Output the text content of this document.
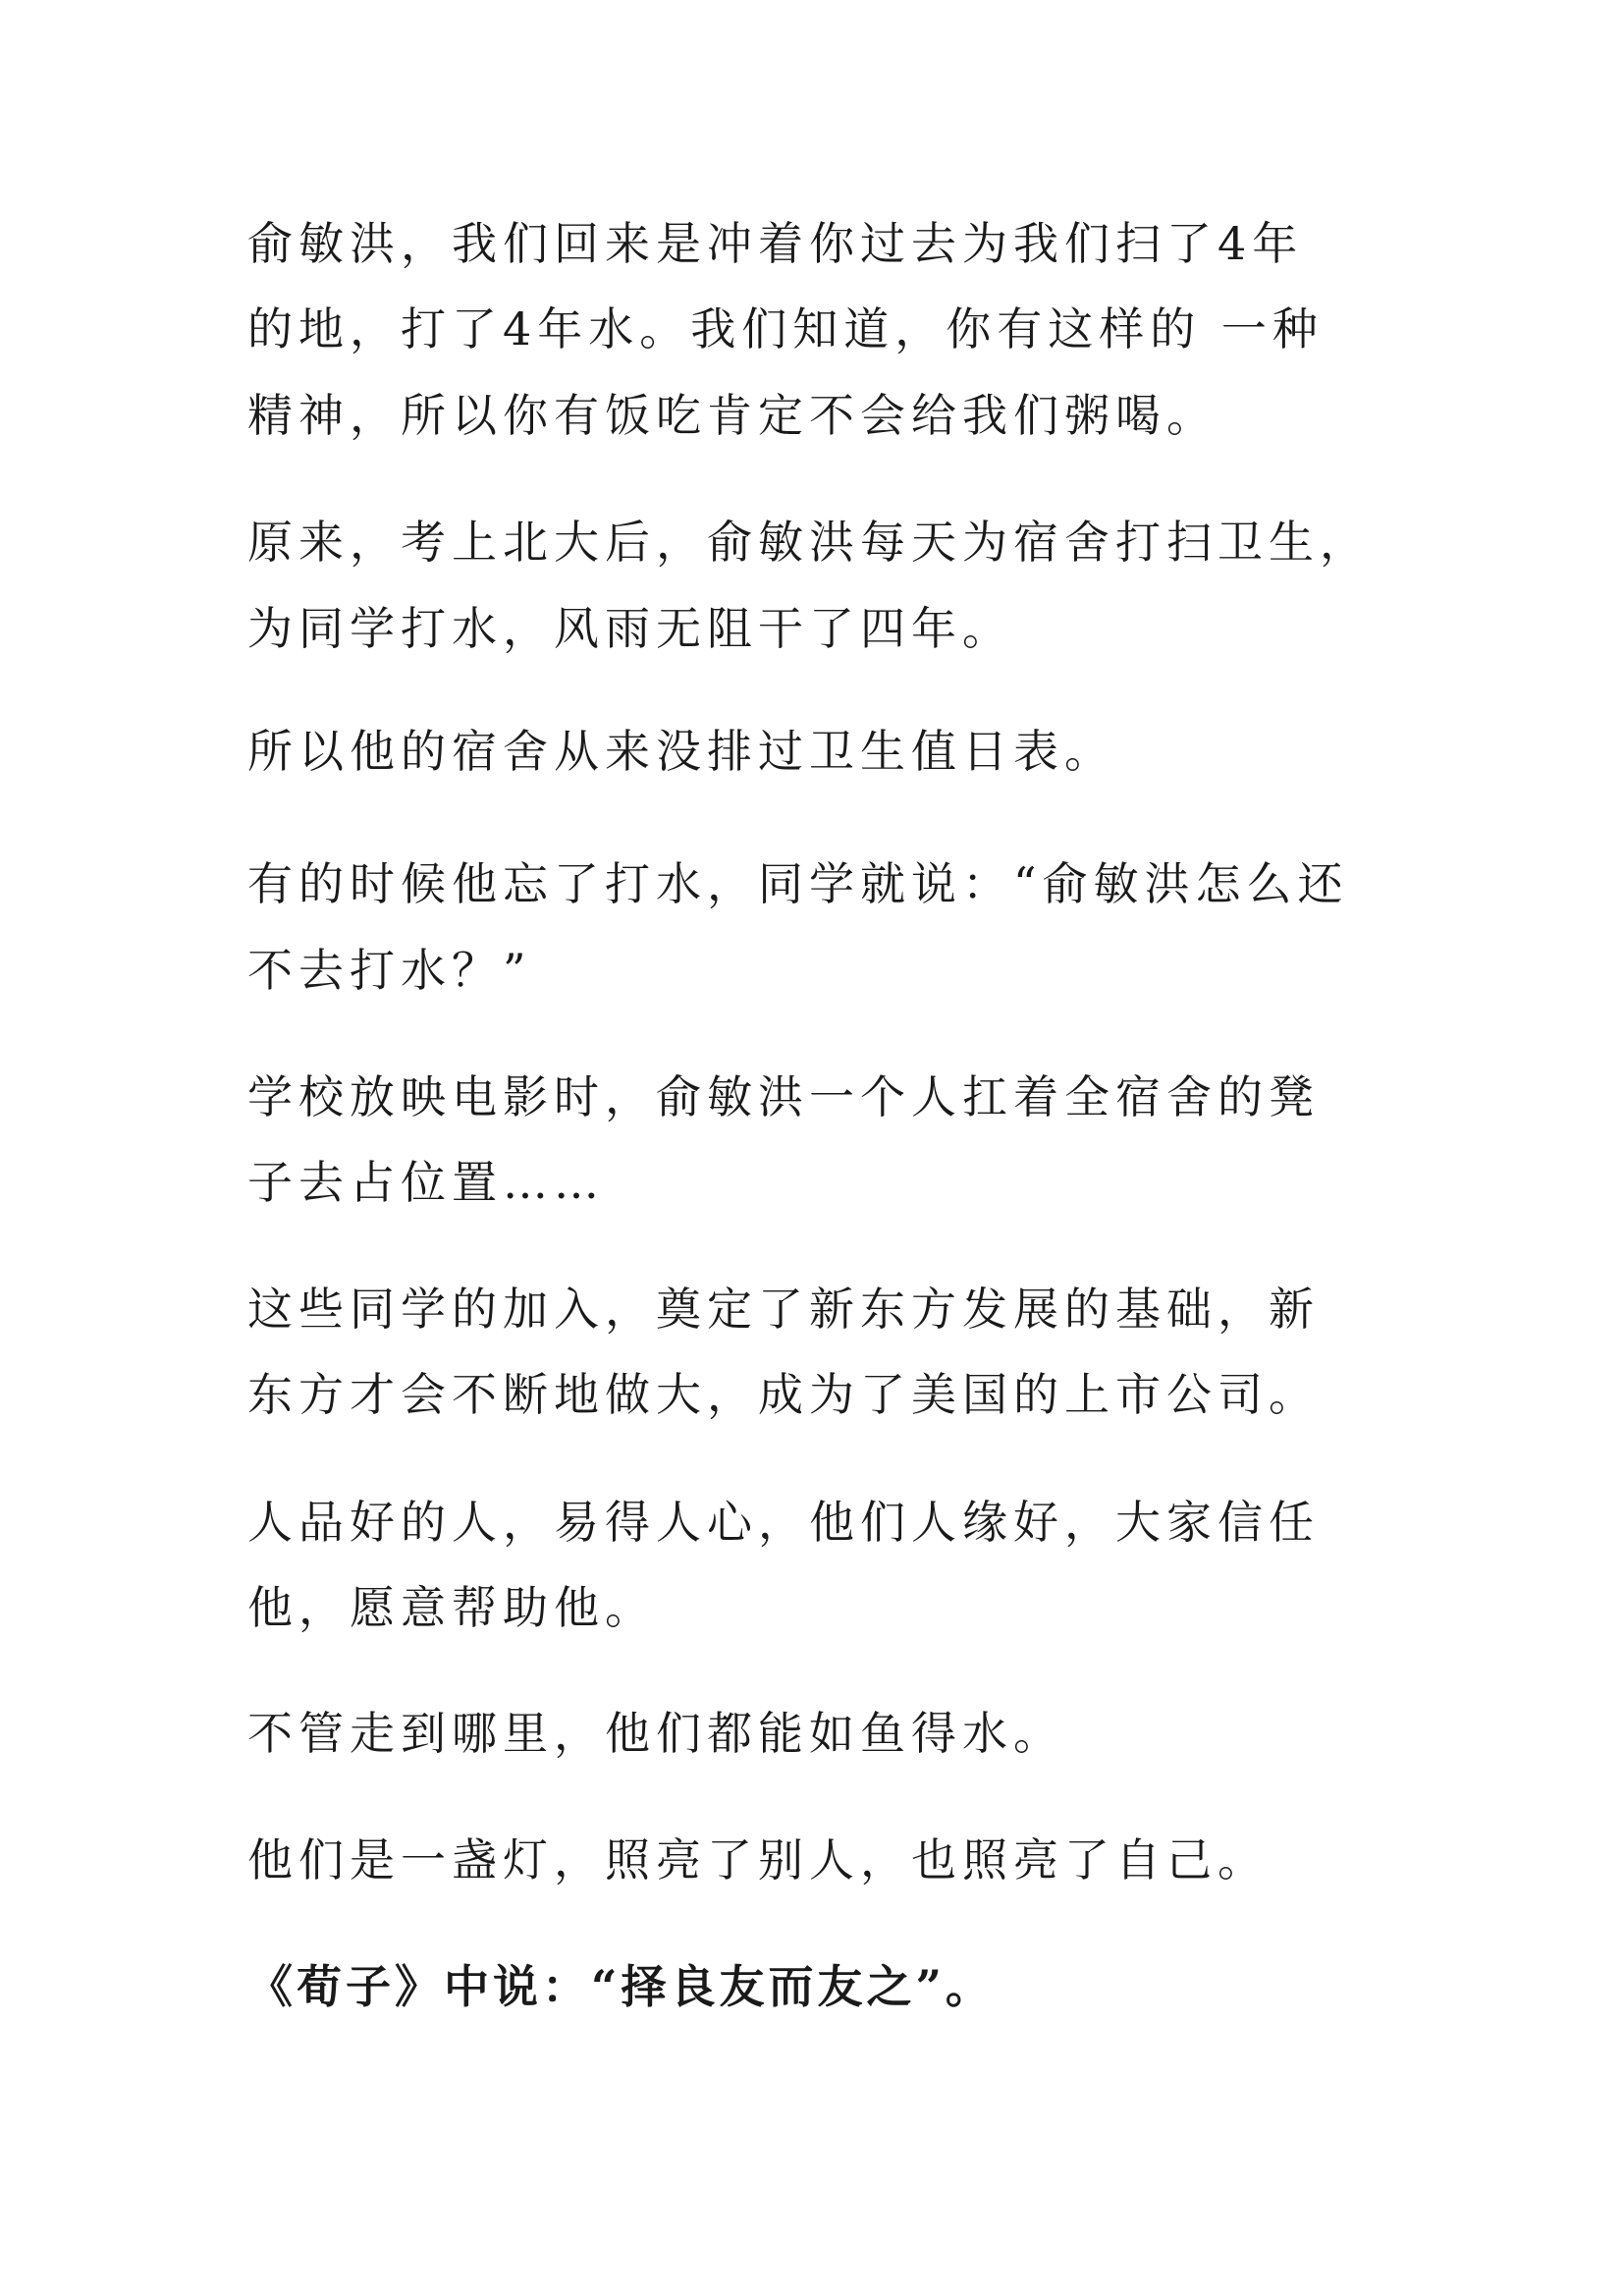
俞敏洪，我们回来是冲着你过去为我们扫了4年
的地，打了4年水。我们知道，你有这样的 一种
精神，所以你有饭吃肯定不会给我们粥喝。
原来，考上北大后，俞敏洪每天为宿舍打扫卫生，
为同学打水，风雨无阻干了四年。
所以他的宿舍从来没排过卫生值日表。
有的时候他忘了打水，同学就说：“俞敏洪怎么还
不去打水？”
学校放映电影时，俞敏洪一个人扛着全宿舍的凳
子去占位置……
这些同学的加入，奠定了新东方发展的基础，新
东方才会不断地做大，成为了美国的上市公司。
人品好的人，易得人心，他们人缘好，大家信任
他，愿意帮助他。
不管走到哪里，他们都能如鱼得水。
他们是一盏灯，照亮了别人，也照亮了自己。
《荀子》中说：“择良友而友之”。
